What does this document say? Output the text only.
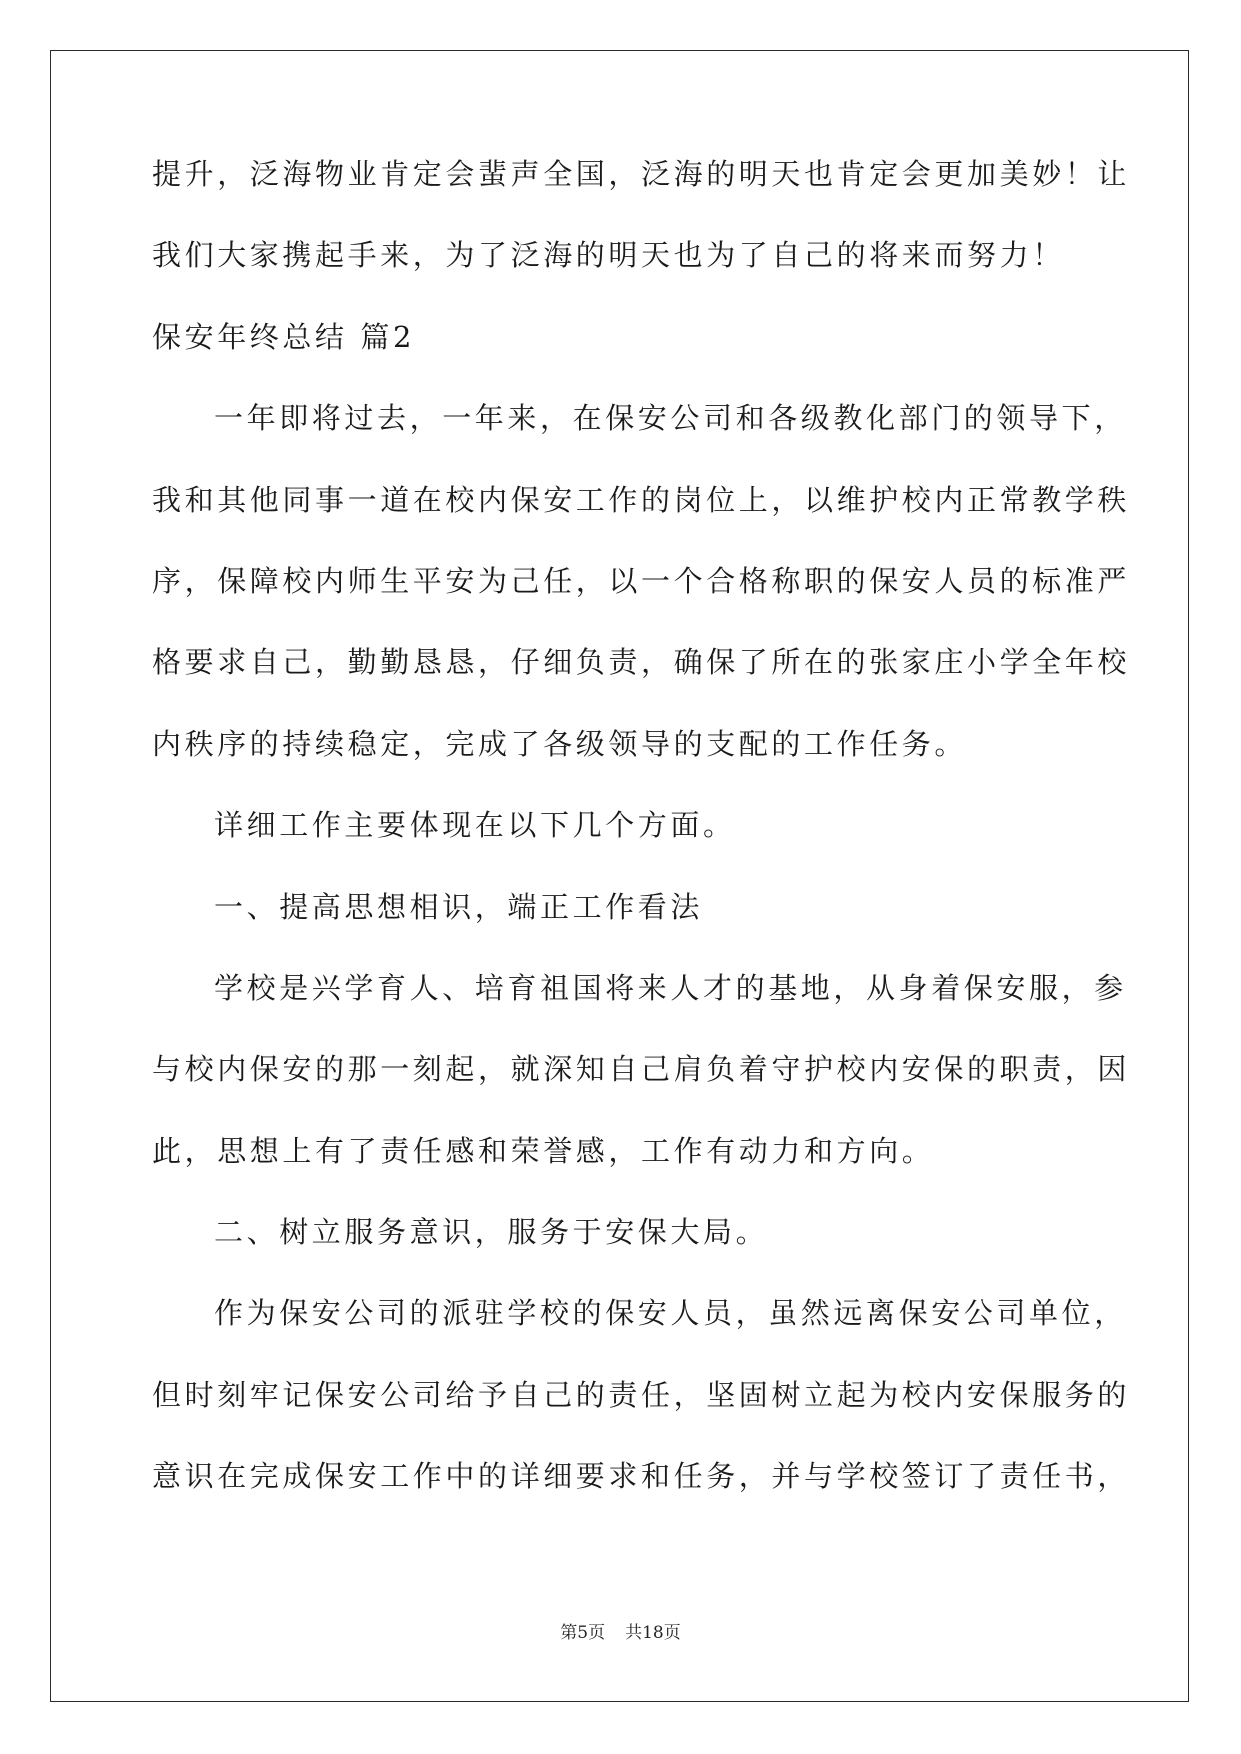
提升，泛海物业肯定会蜚声全国，泛海的明天也肯定会更加美妙！让
我们大家携起手来，为了泛海的明天也为了自己的将来而努力！
保安年终总结 篇2
一年即将过去，一年来，在保安公司和各级教化部门的领导下，
我和其他同事一道在校内保安工作的岗位上，以维护校内正常教学秩
序，保障校内师生平安为己任，以一个合格称职的保安人员的标准严
格要求自己，勤勤恳恳，仔细负责，确保了所在的张家庄小学全年校
内秩序的持续稳定，完成了各级领导的支配的工作任务。
详细工作主要体现在以下几个方面。
一、提高思想相识，端正工作看法
学校是兴学育人、培育祖国将来人才的基地，从身着保安服，参
与校内保安的那一刻起，就深知自己肩负着守护校内安保的职责，因
此，思想上有了责任感和荣誉感，工作有动力和方向。
二、树立服务意识，服务于安保大局。
作为保安公司的派驻学校的保安人员，虽然远离保安公司单位，
但时刻牢记保安公司给予自己的责任，坚固树立起为校内安保服务的
意识在完成保安工作中的详细要求和任务，并与学校签订了责任书，
第5页 共18页
